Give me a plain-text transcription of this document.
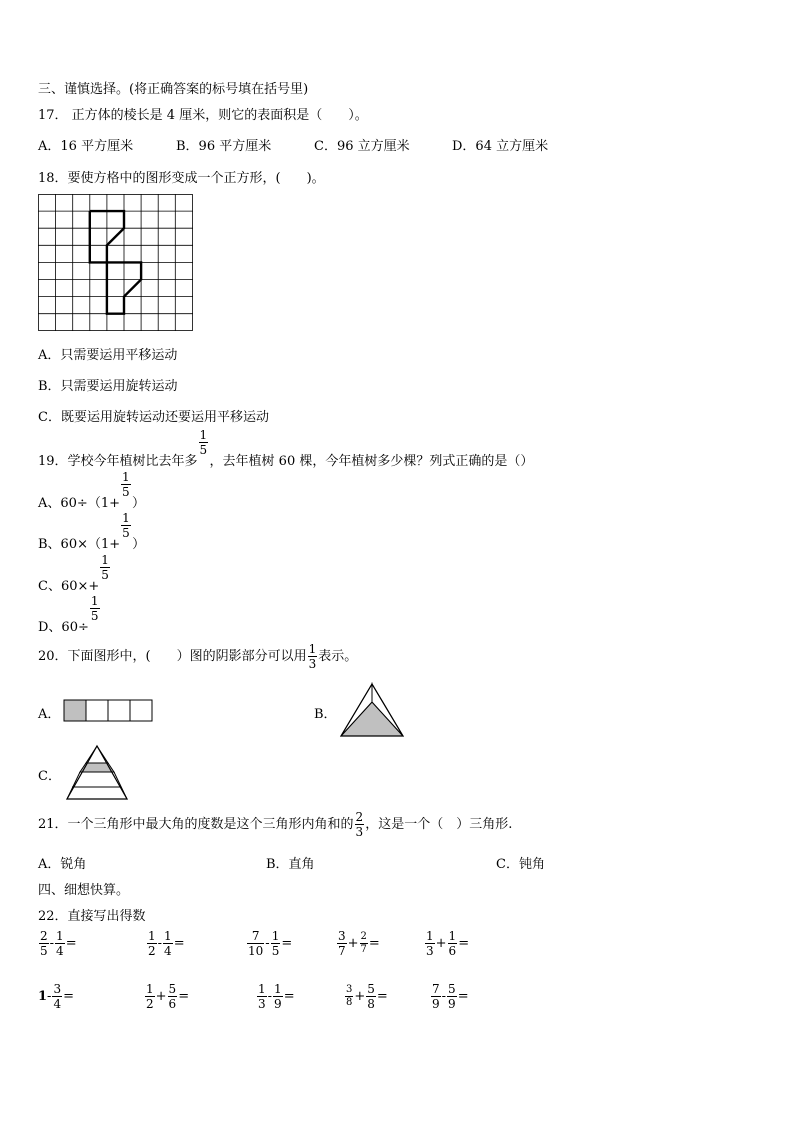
三、谨慎选择。(将正确答案的标号填在括号里)
17． 正方体的棱长是 4 厘米，则它的表面积是（　　）。
A．16 平方厘米	B．96 平方厘米	C．96 立方厘米	D．64 立方厘米
18．要使方格中的图形变成一个正方形，(　　)。
A．只需要运用平移运动
B．只需要运用旋转运动
C．既要运用旋转运动还要运用平移运动
19．学校今年植树比去年多
$\frac{1}{5}$
，去年植树 60 棵，今年植树多少棵？列式正确的是（）
A、60÷（1+
$\frac{1}{5}$
）
B、60×（1+
$\frac{1}{5}$
）
C、60×+
$\frac{1}{5}$
D、60÷
$\frac{1}{5}$
20．下面图形中，(　　）图的阴影部分可以用 $\frac{1}{3}$ 表示。
A．	B．
C．
21．一个三角形中最大角的度数是这个三角形内角和的 $\frac{2}{3}$ ，这是一个（　）三角形.
A．锐角	B．直角	C．钝角
四、细想快算。
22．直接写出得数
$\frac{2}{5} - \frac{1}{4}$ =	$\frac{1}{2} - \frac{1}{4}$ =	$\frac{7}{10} - \frac{1}{5}$ =	$\frac{3}{7} + \frac{2}{7}$ =	$\frac{1}{3} + \frac{1}{6}$ =
$1- \frac{3}{4}$ =	$\frac{1}{2} + \frac{5}{6}$ =	$\frac{1}{3} - \frac{1}{9}$ =	$\frac{3}{8} + \frac{5}{8}$ =	$\frac{7}{9} - \frac{5}{9}$ =
